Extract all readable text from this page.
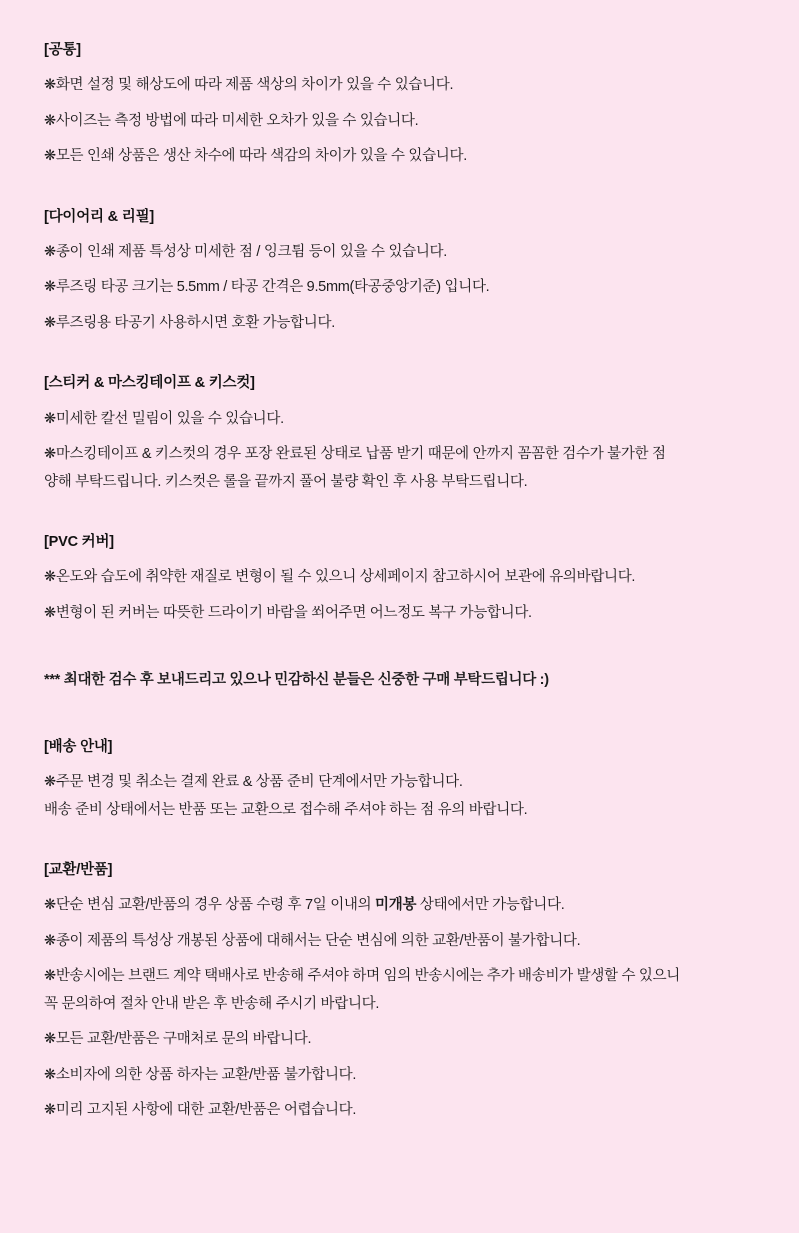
[공통]

❋화면 설정 및 해상도에 따라 제품 색상의 차이가 있을 수 있습니다.

❋사이즈는 측정 방법에 따라 미세한 오차가 있을 수 있습니다.

❋모든 인쇄 상품은 생산 차수에 따라 색감의 차이가 있을 수 있습니다.

[다이어리 & 리필]

❋종이 인쇄 제품 특성상 미세한 점 / 잉크튐 등이 있을 수 있습니다.

❋루즈링 타공 크기는 5.5mm / 타공 간격은 9.5mm(타공중앙기준) 입니다.

❋루즈링용 타공기 사용하시면 호환 가능합니다.

[스티커 & 마스킹테이프 & 키스컷]

❋미세한 칼선 밀림이 있을 수 있습니다.

❋마스킹테이프 & 키스컷의 경우 포장 완료된 상태로 납품 받기 때문에 안까지 꼼꼼한 검수가 불가한 점

양해 부탁드립니다. 키스컷은 롤을 끝까지 풀어 불량 확인 후 사용 부탁드립니다.

[PVC 커버]

❋온도와 습도에 취약한 재질로 변형이 될 수 있으니 상세페이지 참고하시어 보관에 유의바랍니다.

❋변형이 된 커버는 따뜻한 드라이기 바람을 쐬어주면 어느정도 복구 가능합니다.

*** 최대한 검수 후 보내드리고 있으나 민감하신 분들은 신중한 구매 부탁드립니다 :)

[배송 안내]

❋주문 변경 및 취소는 결제 완료 & 상품 준비 단계에서만 가능합니다.

배송 준비 상태에서는 반품 또는 교환으로 접수해 주셔야 하는 점 유의 바랍니다.

[교환/반품]

❋단순 변심 교환/반품의 경우 상품 수령 후 7일 이내의 미개봉 상태에서만 가능합니다.

❋종이 제품의 특성상 개봉된 상품에 대해서는 단순 변심에 의한 교환/반품이 불가합니다.

❋반송시에는 브랜드 계약 택배사로 반송해 주셔야 하며 임의 반송시에는 추가 배송비가 발생할 수 있으니

꼭 문의하여 절차 안내 받은 후 반송해 주시기 바랍니다.

❋모든 교환/반품은 구매처로 문의 바랍니다.

❋소비자에 의한 상품 하자는 교환/반품 불가합니다.

❋미리 고지된 사항에 대한 교환/반품은 어렵습니다.
